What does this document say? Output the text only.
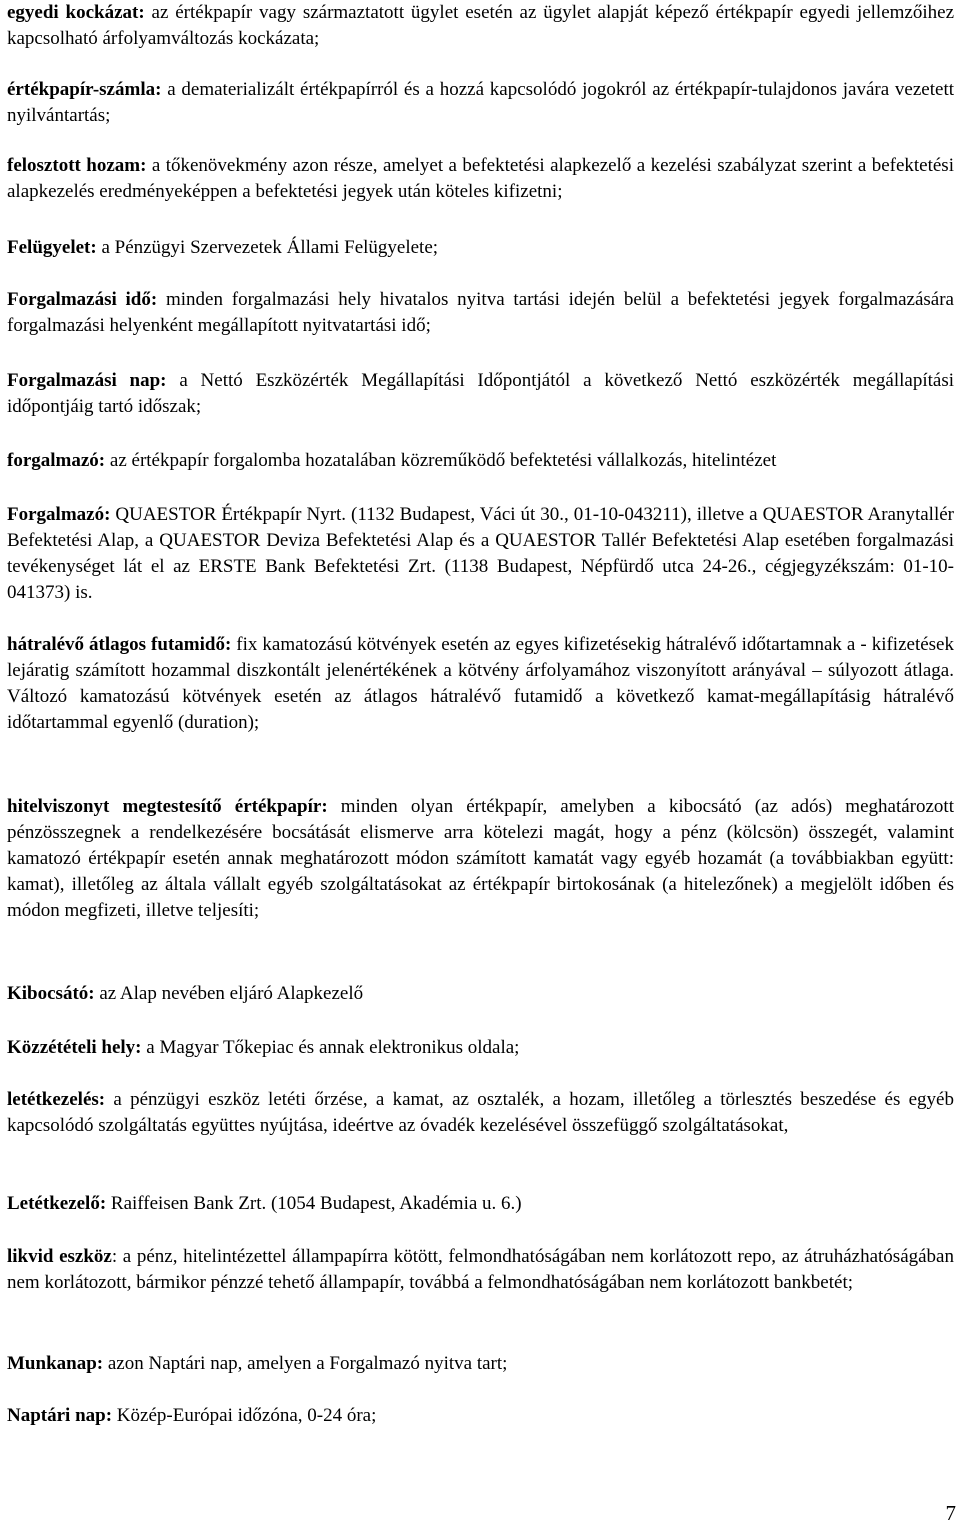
egyedi kockázat: az értékpapír vagy származtatott ügylet esetén az ügylet alapját képező értékpapír egyedi jellemzőihez kapcsolható árfolyamváltozás kockázata;

értékpapír-számla: a dematerializált értékpapírról és a hozzá kapcsolódó jogokról az értékpapír-tulajdonos javára vezetett nyilvántartás;

felosztott hozam: a tőkenövekmény azon része, amelyet a befektetési alapkezelő a kezelési szabályzat szerint a befektetési alapkezelés eredményeképpen a befektetési jegyek után köteles kifizetni;

Felügyelet: a Pénzügyi Szervezetek Állami Felügyelete;

Forgalmazási idő: minden forgalmazási hely hivatalos nyitva tartási idején belül a befektetési jegyek forgalmazására forgalmazási helyenként megállapított nyitvatartási idő;

Forgalmazási nap: a Nettó Eszközérték Megállapítási Időpontjától a következő Nettó eszközérték megállapítási időpontjáig tartó időszak;

forgalmazó: az értékpapír forgalomba hozatalában közreműködő befektetési vállalkozás, hitelintézet

Forgalmazó: QUAESTOR Értékpapír Nyrt. (1132 Budapest, Váci út 30., 01-10-043211), illetve a QUAESTOR Aranytallér Befektetési Alap, a QUAESTOR Deviza Befektetési Alap és a QUAESTOR Tallér Befektetési Alap esetében forgalmazási tevékenységet lát el az ERSTE Bank Befektetési Zrt. (1138 Budapest, Népfürdő utca 24-26., cégjegyzékszám: 01-10-041373) is.

hátralévő átlagos futamidő: fix kamatozású kötvények esetén az egyes kifizetésekig hátralévő időtartamnak a - kifizetések lejáratig számított hozammal diszkontált jelenértékének a kötvény árfolyamához viszonyított arányával – súlyozott átlaga. Változó kamatozású kötvények esetén az átlagos hátralévő futamidő a következő kamat-megállapításig hátralévő időtartammal egyenlő (duration);

hitelviszonyt megtestesítő értékpapír: minden olyan értékpapír, amelyben a kibocsátó (az adós) meghatározott pénzösszegnek a rendelkezésére bocsátását elismerve arra kötelezi magát, hogy a pénz (kölcsön) összegét, valamint kamatozó értékpapír esetén annak meghatározott módon számított kamatát vagy egyéb hozamát (a továbbiakban együtt: kamat), illetőleg az általa vállalt egyéb szolgáltatásokat az értékpapír birtokosának (a hitelezőnek) a megjelölt időben és módon megfizeti, illetve teljesíti;

Kibocsátó: az Alap nevében eljáró Alapkezelő

Közzétételi hely: a Magyar Tőkepiac és annak elektronikus oldala;

letétkezelés: a pénzügyi eszköz letéti őrzése, a kamat, az osztalék, a hozam, illetőleg a törlesztés beszedése és egyéb kapcsolódó szolgáltatás együttes nyújtása, ideértve az óvadék kezelésével összefüggő szolgáltatásokat,

Letétkezelő: Raiffeisen Bank Zrt. (1054 Budapest, Akadémia u. 6.)

likvid eszköz: a pénz, hitelintézettel állampapírra kötött, felmondhatóságában nem korlátozott repo, az átruházhatóságában nem korlátozott, bármikor pénzzé tehető állampapír, továbbá a felmondhatóságában nem korlátozott bankbetét;

Munkanap: azon Naptári nap, amelyen a Forgalmazó nyitva tart;

Naptári nap: Közép-Európai időzóna, 0-24 óra;

7
